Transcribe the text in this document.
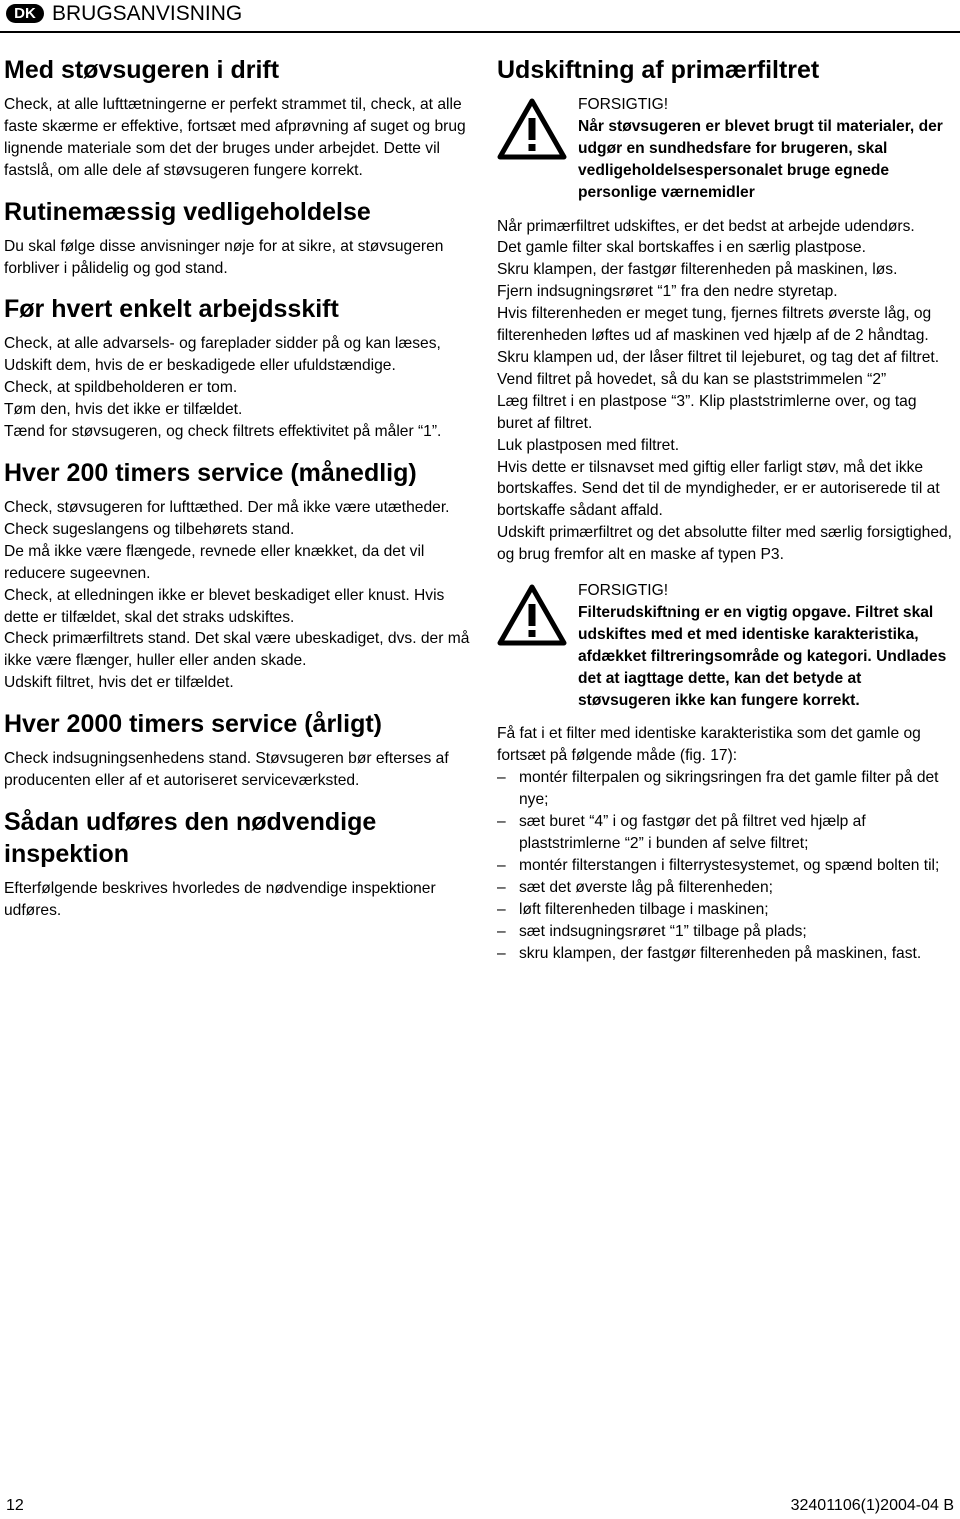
DK BRUGSANVISNING
Med støvsugeren i drift

Check, at alle lufttætningerne er perfekt strammet til, check, at alle faste skærme er effektive, fortsæt med afprøvning af suget og brug lignende materiale som det der bruges under arbejdet. Dette vil fastslå, om alle dele af støvsugeren fungere korrekt.

Rutinemæssig vedligeholdelse

Du skal følge disse anvisninger nøje for at sikre, at støvsugeren forbliver i pålidelig og god stand.

Før hvert enkelt arbejdsskift

Check, at alle advarsels- og fareplader sidder på og kan læses, Udskift dem, hvis de er beskadigede eller ufuldstændige.

Check, at spildbeholderen er tom.

Tøm den, hvis det ikke er tilfældet.

Tænd for støvsugeren, og check filtrets effektivitet på måler “1”.

Hver 200 timers service (månedlig)

Check, støvsugeren for lufttæthed. Der må ikke være utætheder.

Check sugeslangens og tilbehørets stand.

De må ikke være flængede, revnede eller knækket, da det vil reducere sugeevnen.

Check, at elledningen ikke er blevet beskadiget eller knust. Hvis dette er tilfældet, skal det straks udskiftes.

Check primærfiltrets stand. Det skal være ubeskadiget, dvs. der må ikke være flænger, huller eller anden skade.

Udskift filtret, hvis det er tilfældet.

Hver 2000 timers service (årligt)

Check indsugningsenhedens stand. Støvsugeren bør efterses af producenten eller af et autoriseret serviceværksted.

Sådan udføres den nødvendige inspektion

Efterfølgende beskrives hvorledes de nødvendige inspektioner udføres.

Udskiftning af primærfiltret
FORSIGTIG!
Når støvsugeren er blevet brugt til materialer, der udgør en sundhedsfare for brugeren, skal vedligeholdelsespersonalet bruge egnede personlige værnemidler

Når primærfiltret udskiftes, er det bedst at arbejde udendørs.

Det gamle filter skal bortskaffes i en særlig plastpose.

Skru klampen, der fastgør filterenheden på maskinen, løs.

Fjern indsugningsrøret “1” fra den nedre styretap.

Hvis filterenheden er meget tung, fjernes filtrets øverste låg, og filterenheden løftes ud af maskinen ved hjælp af de 2 håndtag.

Skru klampen ud, der låser filtret til lejeburet, og tag det af filtret.

Vend filtret på hovedet, så du kan se plaststrimmelen “2”

Læg filtret i en plastpose “3”. Klip plaststrimlerne over, og tag buret af filtret.

Luk plastposen med filtret.

Hvis dette er tilsnavset med giftig eller farligt støv, må det ikke bortskaffes. Send det til de myndigheder, er er autoriserede til at bortskaffe sådant affald.

Udskift primærfiltret og det absolutte filter med særlig forsigtighed, og brug fremfor alt en maske af typen P3.

FORSIGTIG!
Filterudskiftning er en vigtig opgave. Filtret skal udskiftes med et med identiske karakteristika, afdækket filtreringsområde og kategori. Undlades det at iagttage dette, kan det betyde at støvsugeren ikke kan fungere korrekt.

Få fat i et filter med identiske karakteristika som det gamle og fortsæt på følgende måde (fig. 17):

– montér filterpalen og sikringsringen fra det gamle filter på det nye;
– sæt buret “4” i og fastgør det på filtret ved hjælp af plaststrimlerne “2” i bunden af selve filtret;
– montér filterstangen i filterrystesystemet, og spænd bolten til;
– sæt det øverste låg på filterenheden;
– løft filterenheden tilbage i maskinen;
– sæt indsugningsrøret “1” tilbage på plads;
– skru klampen, der fastgør filterenheden på maskinen, fast.
12	32401106(1)2004-04 B
